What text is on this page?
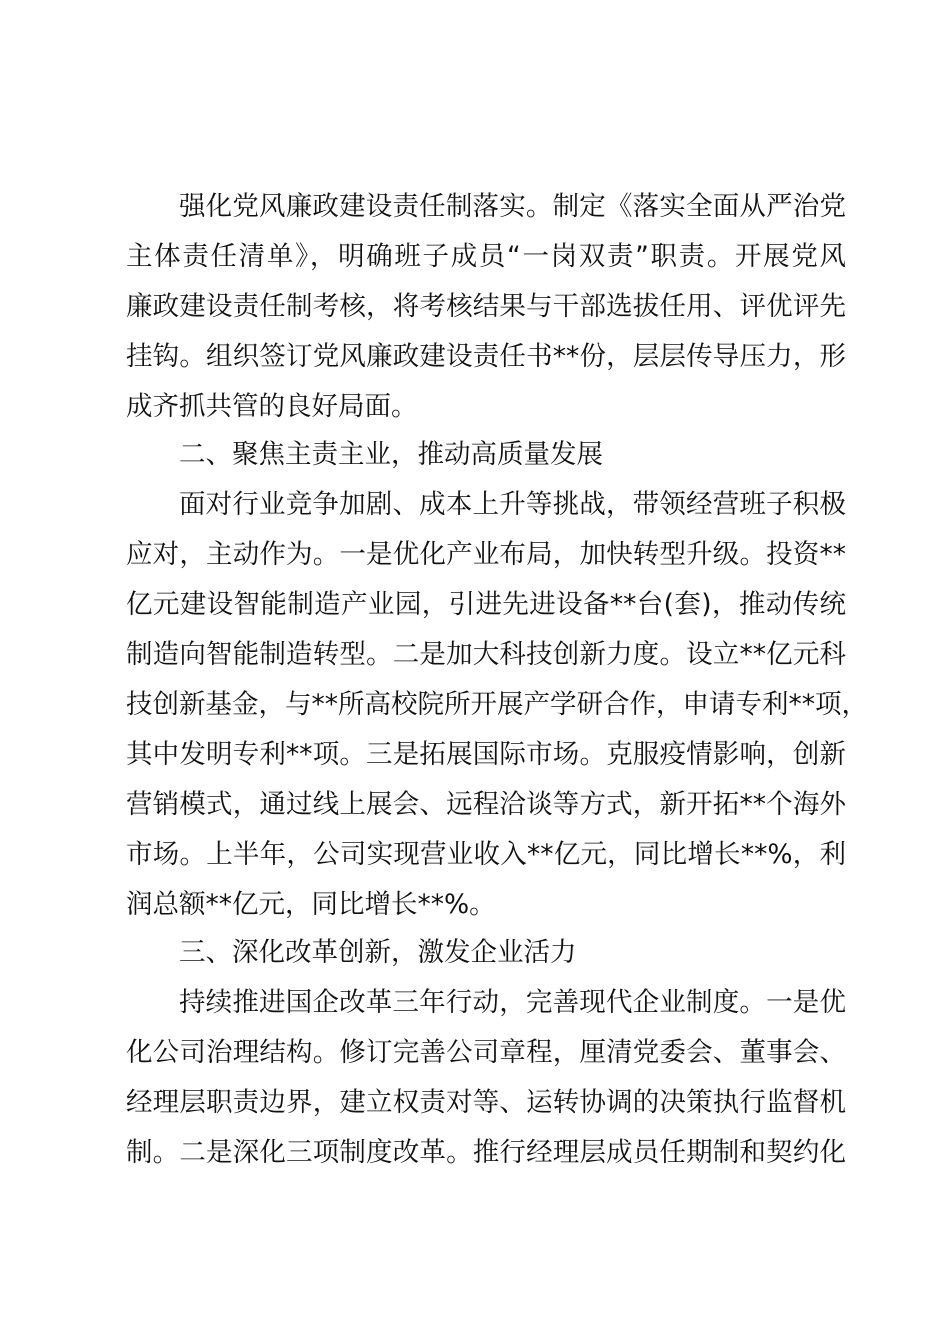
强化党风廉政建设责任制落实。制定《落实全面从严治党

主体责任清单》，明确班子成员“一岗双责”职责。开展党风

廉政建设责任制考核，将考核结果与干部选拔任用、评优评先

挂钩。组织签订党风廉政建设责任书**份，层层传导压力，形

成齐抓共管的良好局面。

二、聚焦主责主业，推动高质量发展

面对行业竞争加剧、成本上升等挑战，带领经营班子积极

应对，主动作为。一是优化产业布局，加快转型升级。投资**

亿元建设智能制造产业园，引进先进设备**台(套)，推动传统

制造向智能制造转型。二是加大科技创新力度。设立**亿元科

技创新基金，与**所高校院所开展产学研合作，申请专利**项，

其中发明专利**项。三是拓展国际市场。克服疫情影响，创新

营销模式，通过线上展会、远程洽谈等方式，新开拓**个海外

市场。上半年，公司实现营业收入**亿元，同比增长**%，利

润总额**亿元，同比增长**%。

三、深化改革创新，激发企业活力

持续推进国企改革三年行动，完善现代企业制度。一是优

化公司治理结构。修订完善公司章程，厘清党委会、董事会、

经理层职责边界，建立权责对等、运转协调的决策执行监督机

制。二是深化三项制度改革。推行经理层成员任期制和契约化
